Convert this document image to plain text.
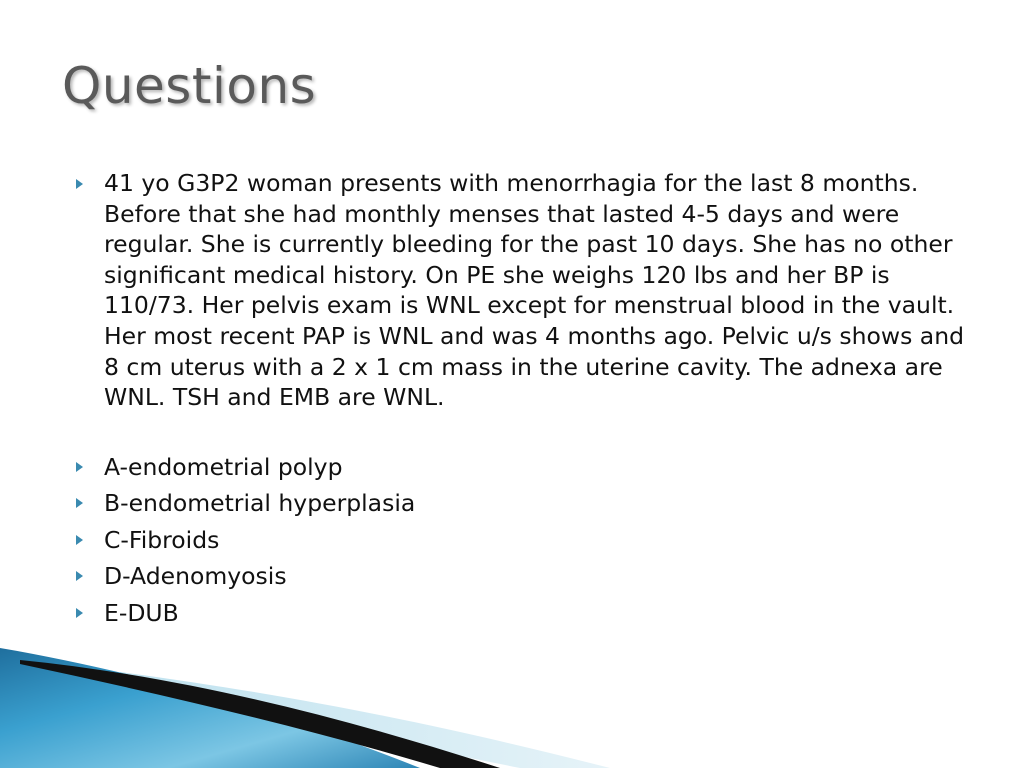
Questions
41 yo G3P2 woman presents with menorrhagia for the last 8 months. Before that she had monthly menses that lasted 4-5 days and were regular. She is currently bleeding for the past 10 days. She has no other significant medical history. On PE she weighs 120 lbs and her BP is 110/73. Her pelvis exam is WNL except for menstrual blood in the vault. Her most recent PAP is WNL and was 4 months ago. Pelvic u/s shows and 8 cm uterus with a 2 x 1 cm mass in the uterine cavity. The adnexa are WNL. TSH and EMB are WNL.
A-endometrial polyp
B-endometrial hyperplasia
C-Fibroids
D-Adenomyosis
E-DUB
